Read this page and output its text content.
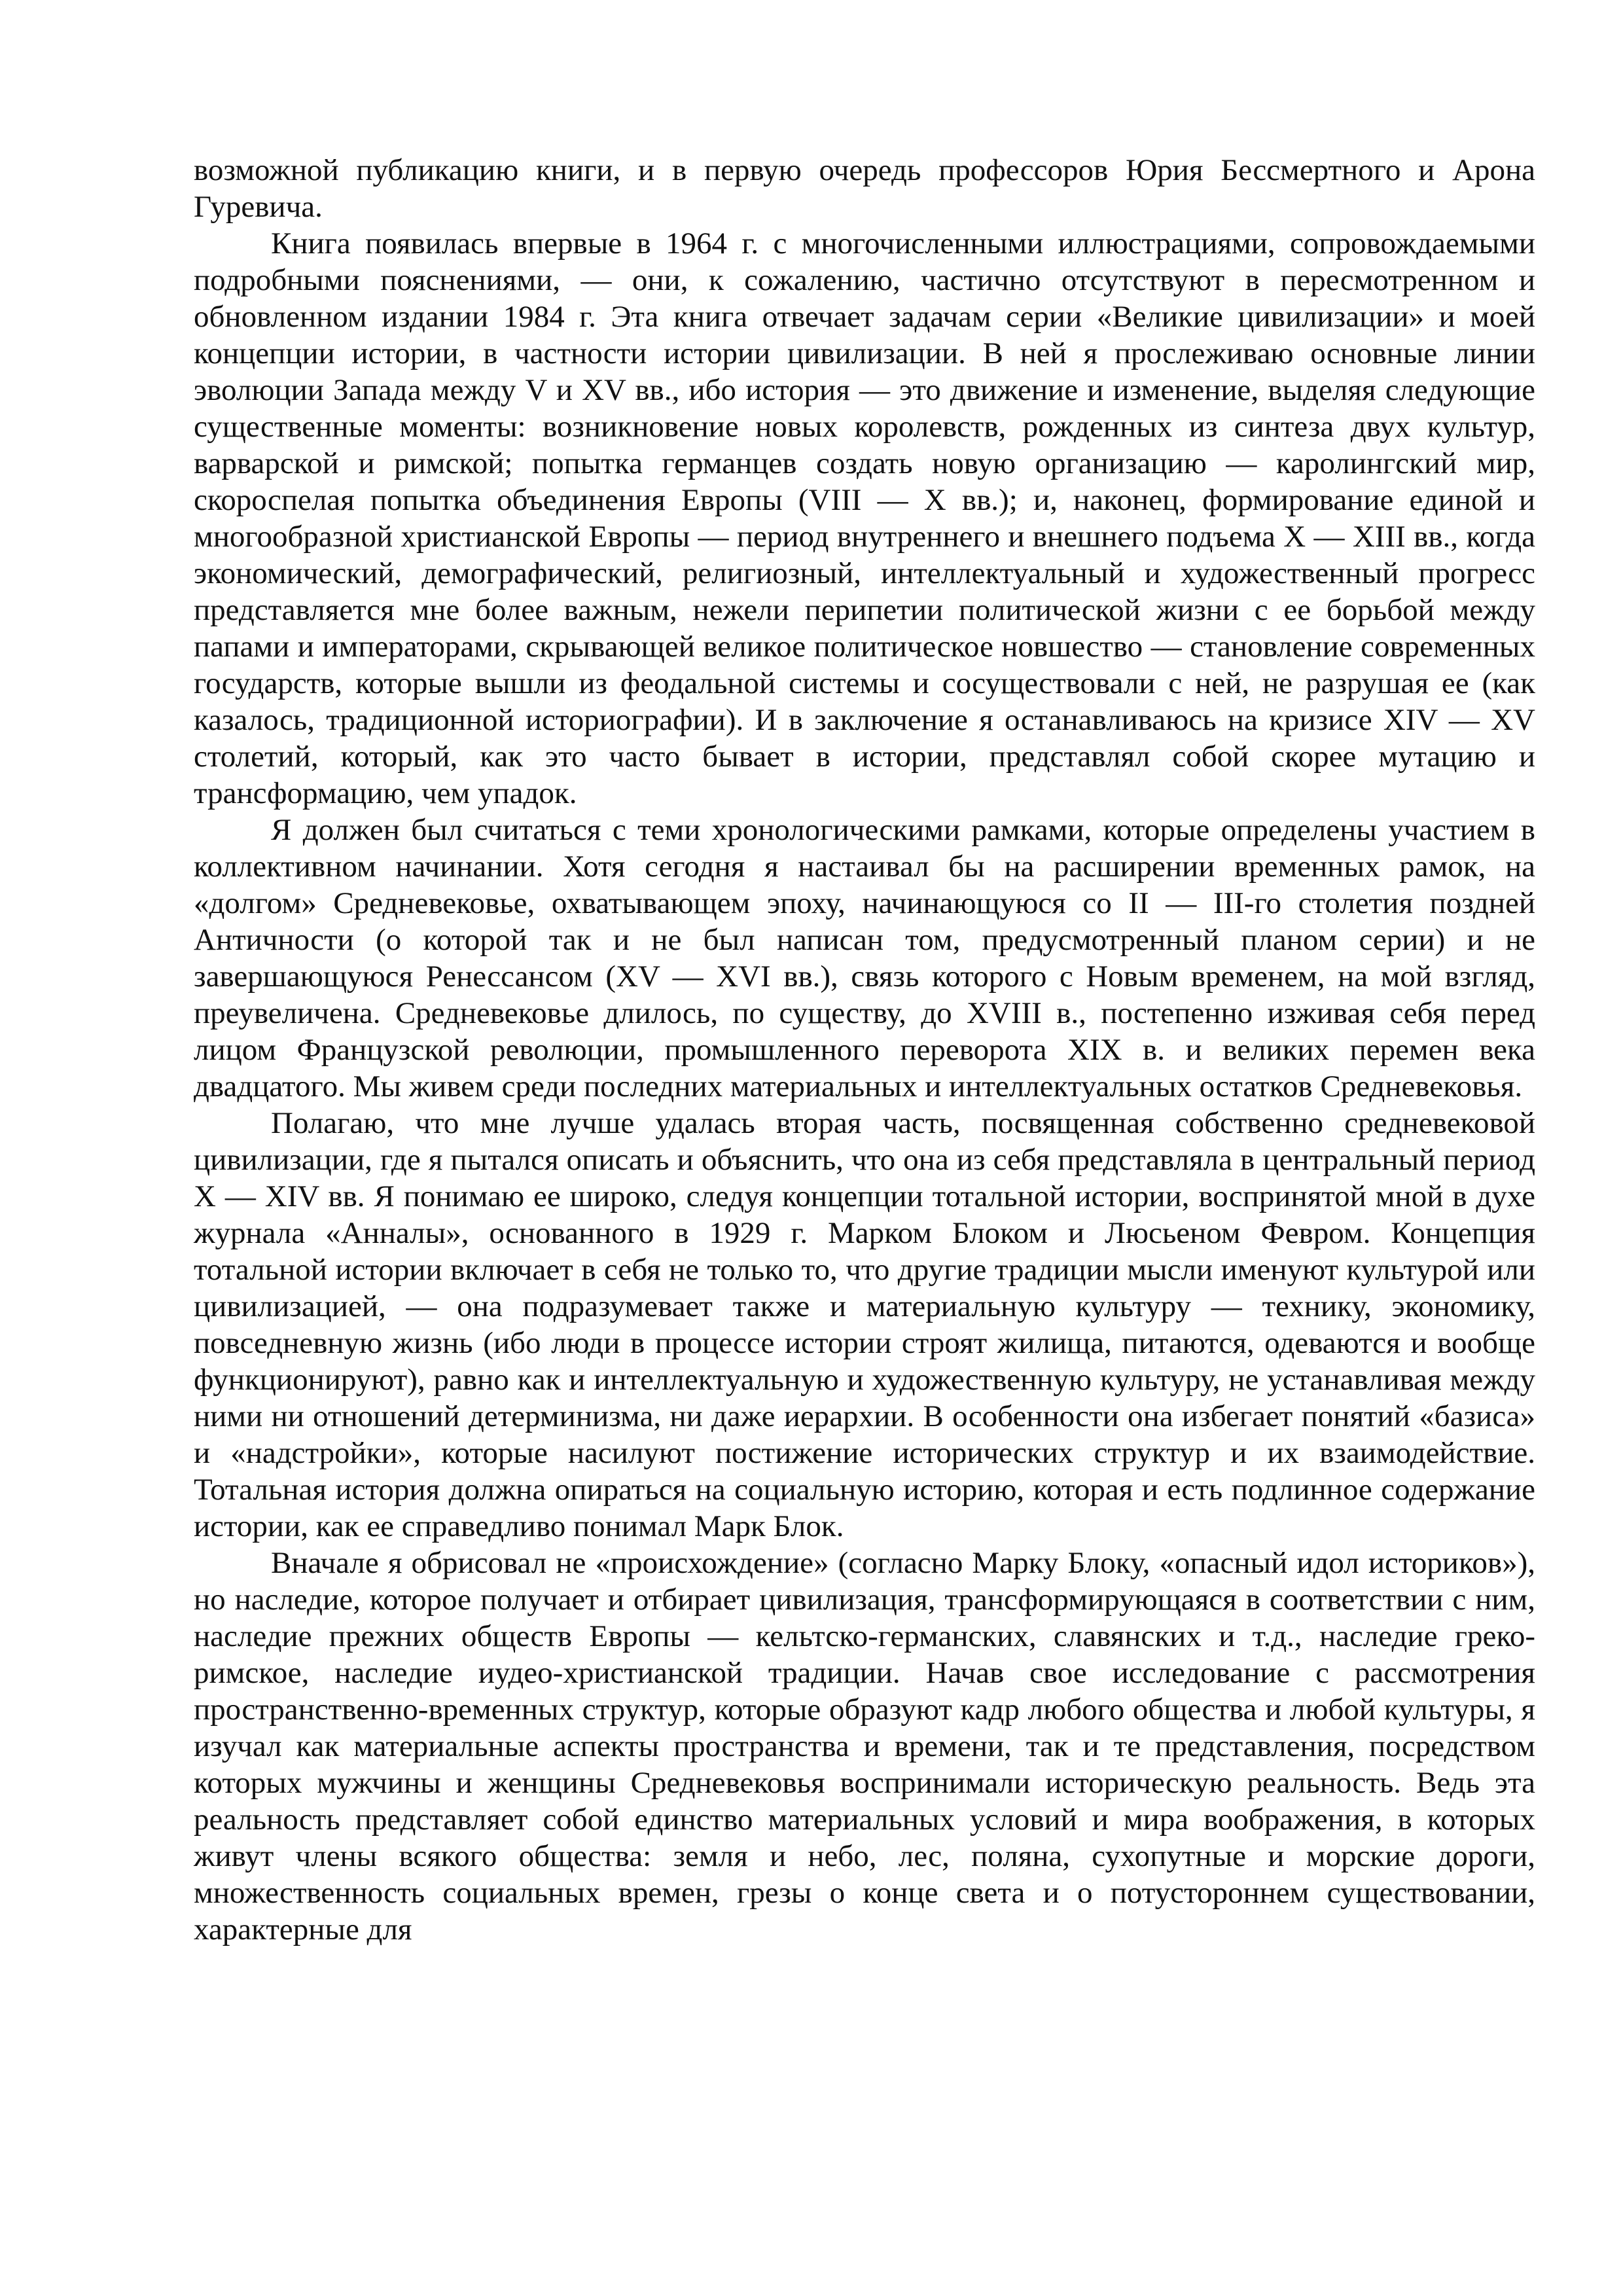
возможной публикацию книги, и в первую очередь профессоров Юрия Бессмертного и Арона Гуревича.

Книга появилась впервые в 1964 г. с многочисленными иллюстрациями, сопровождаемыми подробными пояснениями, — они, к сожалению, частично отсутствуют в пересмотренном и обновленном издании 1984 г. Эта книга отвечает задачам серии «Великие цивилизации» и моей концепции истории, в частности истории цивилизации. В ней я прослеживаю основные линии эволюции Запада между V и XV вв., ибо история — это движение и изменение, выделяя следующие существенные моменты: возникновение новых королевств, рожденных из синтеза двух культур, варварской и римской; попытка германцев создать новую организацию — каролингский мир, скороспелая попытка объединения Европы (VIII — X вв.); и, наконец, формирование единой и многообразной христианской Европы — период внутреннего и внешнего подъема X — XIII вв., когда экономический, демографический, религиозный, интеллектуальный и художественный прогресс представляется мне более важным, нежели перипетии политической жизни с ее борьбой между папами и императорами, скрывающей великое политическое новшество — становление современных государств, которые вышли из феодальной системы и сосуществовали с ней, не разрушая ее (как казалось, традиционной историографии). И в заключение я останавливаюсь на кризисе XIV — XV столетий, который, как это часто бывает в истории, представлял собой скорее мутацию и трансформацию, чем упадок.

Я должен был считаться с теми хронологическими рамками, которые определены участием в коллективном начинании. Хотя сегодня я настаивал бы на расширении временных рамок, на «долгом» Средневековье, охватывающем эпоху, начинающуюся со II — III-го столетия поздней Античности (о которой так и не был написан том, предусмотренный планом серии) и не завершающуюся Ренессансом (XV — XVI вв.), связь которого с Новым временем, на мой взгляд, преувеличена. Средневековье длилось, по существу, до XVIII в., постепенно изживая себя перед лицом Французской революции, промышленного переворота XIX в. и великих перемен века двадцатого. Мы живем среди последних материальных и интеллектуальных остатков Средневековья.

Полагаю, что мне лучше удалась вторая часть, посвященная собственно средневековой цивилизации, где я пытался описать и объяснить, что она из себя представляла в центральный период X — XIV вв. Я понимаю ее широко, следуя концепции тотальной истории, воспринятой мной в духе журнала «Анналы», основанного в 1929 г. Марком Блоком и Люсьеном Февром. Концепция тотальной истории включает в себя не только то, что другие традиции мысли именуют культурой или цивилизацией, — она подразумевает также и материальную культуру — технику, экономику, повседневную жизнь (ибо люди в процессе истории строят жилища, питаются, одеваются и вообще функционируют), равно как и интеллектуальную и художественную культуру, не устанавливая между ними ни отношений детерминизма, ни даже иерархии. В особенности она избегает понятий «базиса» и «надстройки», которые насилуют постижение исторических структур и их взаимодействие. Тотальная история должна опираться на социальную историю, которая и есть подлинное содержание истории, как ее справедливо понимал Марк Блок.

Вначале я обрисовал не «происхождение» (согласно Марку Блоку, «опасный идол историков»), но наследие, которое получает и отбирает цивилизация, трансформирующаяся в соответствии с ним, наследие прежних обществ Европы — кельтско-германских, славянских и т.д., наследие греко-римское, наследие иудео-христианской традиции. Начав свое исследование с рассмотрения пространственно-временных структур, которые образуют кадр любого общества и любой культуры, я изучал как материальные аспекты пространства и времени, так и те представления, посредством которых мужчины и женщины Средневековья воспринимали историческую реальность. Ведь эта реальность представляет собой единство материальных условий и мира воображения, в которых живут члены всякого общества: земля и небо, лес, поляна, сухопутные и морские дороги, множественность социальных времен, грезы о конце света и о потустороннем существовании, характерные для
